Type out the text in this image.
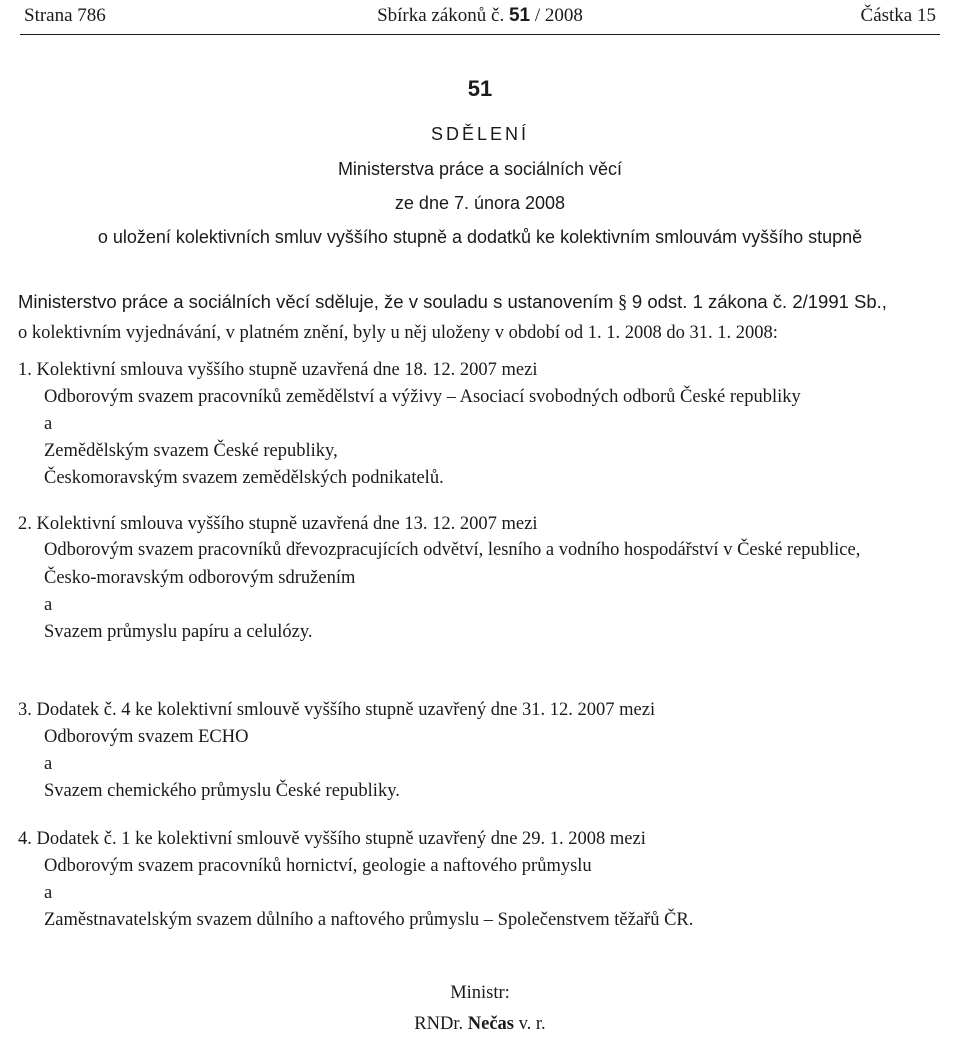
Strana 786	Sbírka zákonů č. 51 / 2008	Částka 15
51
SDĚLENÍ
Ministerstva práce a sociálních věcí
ze dne 7. února 2008
o uložení kolektivních smluv vyššího stupně a dodatků ke kolektivním smlouvám vyššího stupně
Ministerstvo práce a sociálních věcí sděluje, že v souladu s ustanovením § 9 odst. 1 zákona č. 2/1991 Sb.,
o kolektivním vyjednávání, v platném znění, byly u něj uloženy v období od 1. 1. 2008 do 31. 1. 2008:
1. Kolektivní smlouva vyššího stupně uzavřená dne 18. 12. 2007 mezi
Odborovým svazem pracovníků zemědělství a výživy – Asociací svobodných odborů České republiky
a
Zemědělským svazem České republiky,
Českomoravským svazem zemědělských podnikatelů.
2. Kolektivní smlouva vyššího stupně uzavřená dne 13. 12. 2007 mezi
Odborovým svazem pracovníků dřevozpracujících odvětví, lesního a vodního hospodářství v České republice,
Česko-moravským odborovým sdružením
a
Svazem průmyslu papíru a celulózy.
3. Dodatek č. 4 ke kolektivní smlouvě vyššího stupně uzavřený dne 31. 12. 2007 mezi
Odborovým svazem ECHO
a
Svazem chemického průmyslu České republiky.
4. Dodatek č. 1 ke kolektivní smlouvě vyššího stupně uzavřený dne 29. 1. 2008 mezi
Odborovým svazem pracovníků hornictví, geologie a naftového průmyslu
a
Zaměstnavatelským svazem důlního a naftového průmyslu – Společenstvem těžařů ČR.
Ministr:
RNDr. Nečas v. r.
